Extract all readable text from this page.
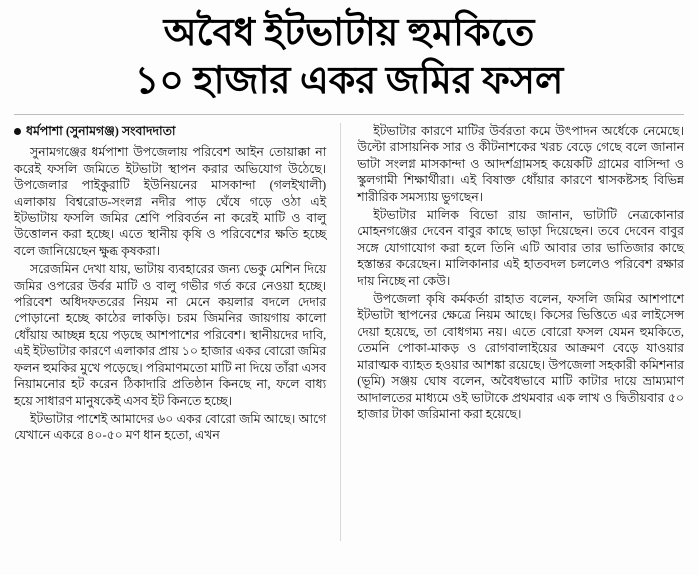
অবৈধ ইটভাটায় হুমকিতে
১০ হাজার একর জমির ফসল
ধর্মপাশা (সুনামগঞ্জ) সংবাদদাতা

সুনামগঞ্জের ধর্মপাশা উপজেলায় পরিবেশ আইন তোয়াক্কা না করেই ফসলি জমিতে ইটভাটা স্থাপন করার অভিযোগ উঠেছে। উপজেলার পাইকুরাটি ইউনিয়নের মাসকান্দা (গলইখালী) এলাকায় বিশ্বরোড-সংলগ্ন নদীর পাড় ঘেঁষে গড়ে ওঠা এই ইটভাটায় ফসলি জমির শ্রেণি পরিবর্তন না করেই মাটি ও বালু উত্তোলন করা হচ্ছে। এতে স্থানীয় কৃষি ও পরিবেশের ক্ষতি হচ্ছে বলে জানিয়েছেন ক্ষুব্ধ কৃষকরা।

সরেজমিন দেখা যায়, ভাটায় ব্যবহারের জন্য ভেকু মেশিন দিয়ে জমির ওপরের উর্বর মাটি ও বালু গভীর গর্ত করে নেওয়া হচ্ছে। পরিবেশ অধিদফতরের নিয়ম না মেনে কয়লার বদলে দেদার পোড়ানো হচ্ছে কাঠের লাকড়ি। চরম জিমনির জায়গায় কালো ধোঁয়ায় আচ্ছন্ন হয়ে পড়ছে আশপাশের পরিবেশ। স্থানীয়দের দাবি, এই ইটভাটার কারণে এলাকার প্রায় ১০ হাজার একর বোরো জমির ফলন হুমকির মুখে পড়েছে। পরিমাণমতো মাটি না দিয়ে তাঁরা এসব নিয়ামনোর হট করেন ঠিকাদারি প্রতিষ্ঠান কিনছে না, ফলে বাধ্য হয়ে সাধারণ মানুষকেই এসব ইট কিনতে হচ্ছে।

ইটভাটার পাশেই আমাদের ৬০ একর বোরো জমি আছে। আগে যেখানে একরে ৪০-৫০ মণ ধান হতো, এখন

ইটভাটার কারণে মাটির উর্বরতা কমে উৎপাদন অর্ধেকে নেমেছে। উল্টো রাসায়নিক সার ও কীটনাশকের খরচ বেড়ে গেছে বলে জানান ভাটা সংলগ্ন মাসকান্দা ও আদর্শগ্রামসহ কয়েকটি গ্রামের বাসিন্দা ও স্কুলগামী শিক্ষার্থীরা। এই বিষাক্ত ধোঁয়ার কারণে শ্বাসকষ্টসহ বিভিন্ন শারীরিক সমস্যায় ভুগছেন।

ইটভাটার মালিক বিভো রায় জানান, ভাটাটি নেত্রকোনার মোহনগঞ্জের দেবেন বাবুর কাছে ভাড়া দিয়েছেন। তবে দেবেন বাবুর সঙ্গে যোগাযোগ করা হলে তিনি এটি আবার তার ভাতিজার কাছে হস্তান্তর করেছেন। মালিকানার এই হাতবদল চললেও পরিবেশ রক্ষার দায় নিচ্ছে না কেউ।

উপজেলা কৃষি কর্মকর্তা রাহাত বলেন, ফসলি জমির আশপাশে ইটভাটা স্থাপনের ক্ষেত্রে নিয়ম আছে। কিসের ভিত্তিতে এর লাইসেন্স দেয়া হয়েছে, তা বোধগম্য নয়। এতে বোরো ফসল যেমন হুমকিতে, তেমনি পোকা-মাকড় ও রোগবালাইয়ের আক্রমণ বেড়ে যাওয়ার মারাত্মক ব্যাহত হওয়ার আশঙ্কা রয়েছে। উপজেলা সহকারী কমিশনার (ভূমি) সঞ্জয় ঘোষ বলেন, অবৈধভাবে মাটি কাটার দায়ে ভ্রাম্যমাণ আদালতের মাধ্যমে ওই ভাটাকে প্রথমবার এক লাখ ও দ্বিতীয়বার ৫০ হাজার টাকা জরিমানা করা হয়েছে।
